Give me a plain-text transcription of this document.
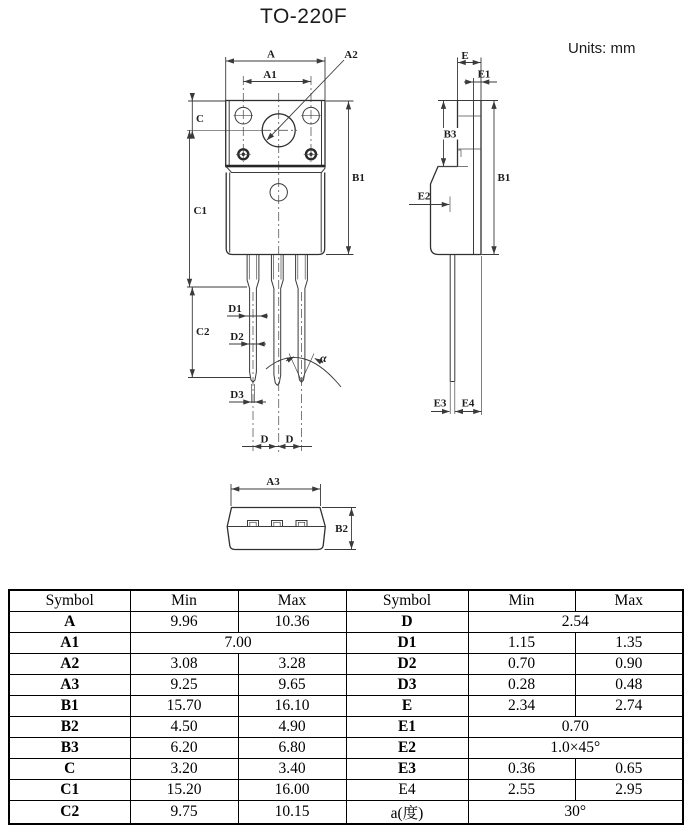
TO-220F
Units: mm
α
A
A1
A2
C
C1
C2
B1
D1
D2
D3
D D
E
E1
B3
B1
E2
E3 E4
A3
B2
Symbol	Min	Max	Symbol	Min	Max
A	9.96	10.36	D	2.54	
A1	7.00		D1	1.15	1.35
A2	3.08	3.28	D2	0.70	0.90
A3	9.25	9.65	D3	0.28	0.48
B1	15.70	16.10	E	2.34	2.74
B2	4.50	4.90	E1	0.70	
B3	6.20	6.80	E2	1.0×45°	
C	3.20	3.40	E3	0.36	0.65
C1	15.20	16.00	E4	2.55	2.95
C2	9.75	10.15	a(度)	30°	
